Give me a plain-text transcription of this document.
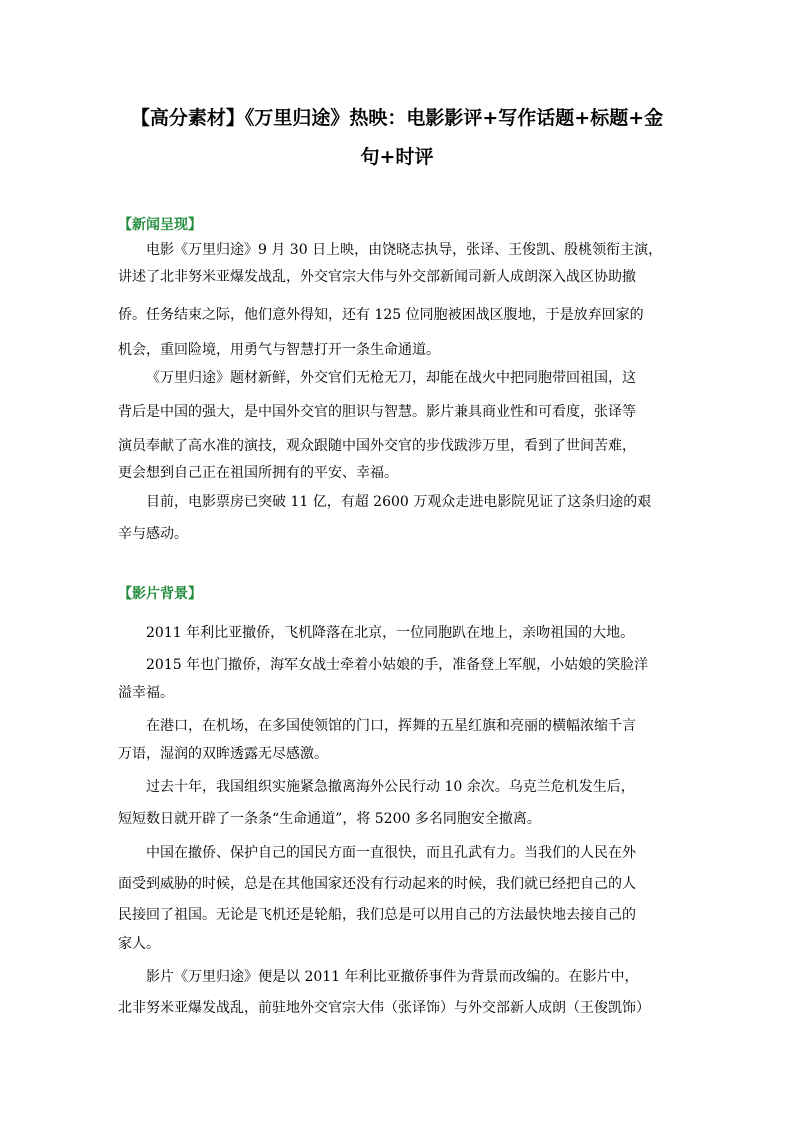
【高分素材】《万里归途》热映：电影影评+写作话题+标题+金
句+时评
【新闻呈现】
电影《万里归途》9 月 30 日上映，由饶晓志执导，张译、王俊凯、殷桃领衔主演，
讲述了北非努米亚爆发战乱，外交官宗大伟与外交部新闻司新人成朗深入战区协助撤
侨。任务结束之际，他们意外得知，还有 125 位同胞被困战区腹地，于是放弃回家的
机会，重回险境，用勇气与智慧打开一条生命通道。
《万里归途》题材新鲜，外交官们无枪无刀，却能在战火中把同胞带回祖国，这
背后是中国的强大，是中国外交官的胆识与智慧。影片兼具商业性和可看度，张译等
演员奉献了高水准的演技，观众跟随中国外交官的步伐跋涉万里，看到了世间苦难，
更会想到自己正在祖国所拥有的平安、幸福。
目前，电影票房已突破 11 亿，有超 2600 万观众走进电影院见证了这条归途的艰
辛与感动。
【影片背景】
2011 年利比亚撤侨，飞机降落在北京，一位同胞趴在地上，亲吻祖国的大地。
2015 年也门撤侨，海军女战士牵着小姑娘的手，准备登上军舰，小姑娘的笑脸洋
溢幸福。
在港口，在机场，在多国使领馆的门口，挥舞的五星红旗和亮丽的横幅浓缩千言
万语，湿润的双眸透露无尽感激。
过去十年，我国组织实施紧急撤离海外公民行动 10 余次。乌克兰危机发生后，
短短数日就开辟了一条条“生命通道”，将 5200 多名同胞安全撤离。
中国在撤侨、保护自己的国民方面一直很快，而且孔武有力。当我们的人民在外
面受到威胁的时候，总是在其他国家还没有行动起来的时候，我们就已经把自己的人
民接回了祖国。无论是飞机还是轮船，我们总是可以用自己的方法最快地去接自己的
家人。
影片《万里归途》便是以 2011 年利比亚撤侨事件为背景而改编的。在影片中，
北非努米亚爆发战乱，前驻地外交官宗大伟（张译饰）与外交部新人成朗（王俊凯饰）
